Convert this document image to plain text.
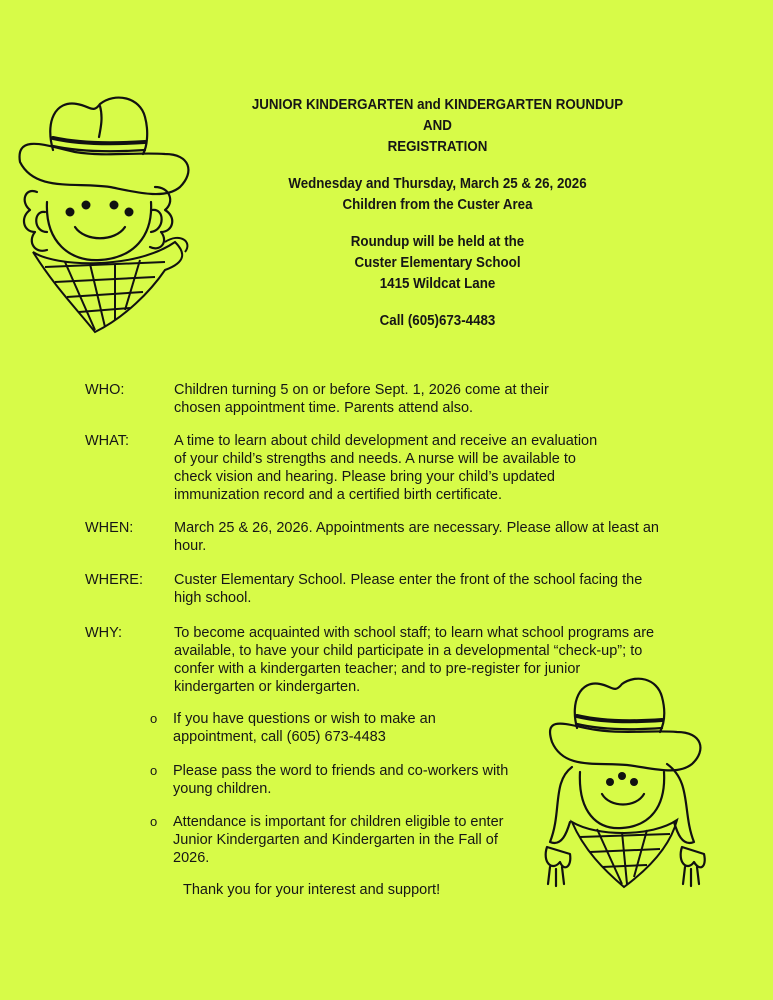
JUNIOR KINDERGARTEN and KINDERGARTEN ROUNDUP
AND
REGISTRATION
Wednesday and Thursday, March 25 & 26, 2026
Children from the Custer Area
Roundup will be held at the
Custer Elementary School
1415 Wildcat Lane
Call (605)673-4483
WHO:	Children turning 5 on or before Sept. 1, 2026 come at their chosen appointment time. Parents attend also.
WHAT:	A time to learn about child development and receive an evaluation of your child’s strengths and needs. A nurse will be available to check vision and hearing. Please bring your child’s updated immunization record and a certified birth certificate.
WHEN:	March 25 & 26, 2026. Appointments are necessary. Please allow at least an hour.
WHERE:	Custer Elementary School. Please enter the front of the school facing the high school.
WHY:	To become acquainted with school staff; to learn what school programs are available, to have your child participate in a developmental “check-up”; to confer with a kindergarten teacher; and to pre-register for junior kindergarten or kindergarten.
o If you have questions or wish to make an appointment, call (605) 673-4483
o Please pass the word to friends and co-workers with young children.
o Attendance is important for children eligible to enter Junior Kindergarten and Kindergarten in the Fall of 2026.
Thank you for your interest and support!
